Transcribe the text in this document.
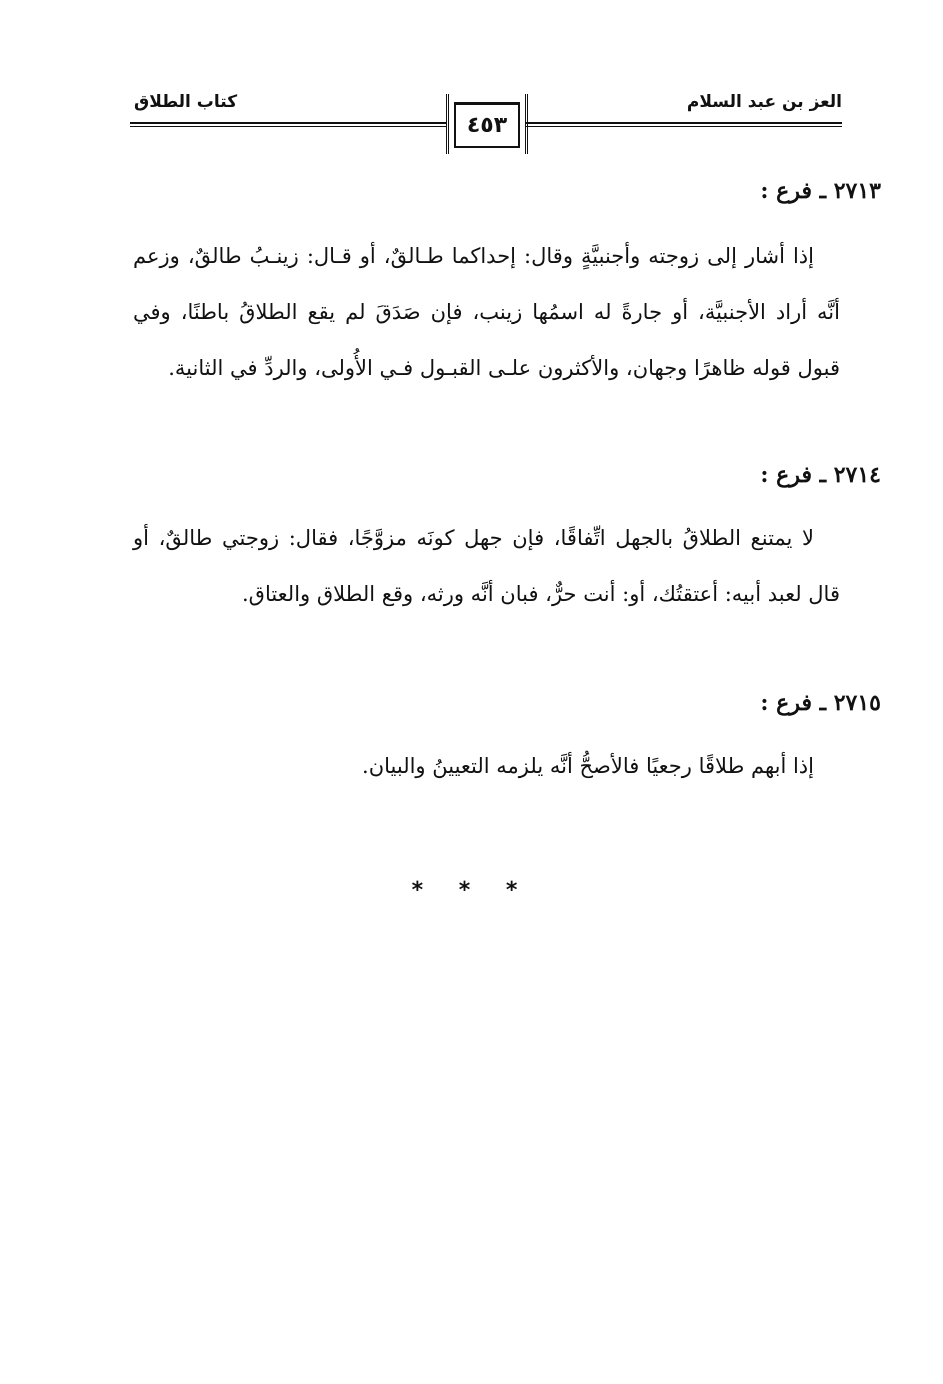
العز بن عبد السلام
كتاب الطلاق
٤٥٣
٢٧١٣ ـ فرع :

إذا أشار إلى زوجته وأجنبيَّةٍ وقال: إحداكما طـالقٌ، أو قـال: زينـبُ طالقٌ، وزعم أنَّه أراد الأجنبيَّة، أو جارةً له اسمُها زينب، فإن صَدَقَ لم يقع الطلاقُ باطنًا، وفي قبول قوله ظاهرًا وجهان، والأكثرون علـى القبـول فـي الأُولى، والردِّ في الثانية.

٢٧١٤ ـ فرع :

لا يمتنع الطلاقُ بالجهل اتِّفاقًا، فإن جهل كونَه مزوَّجًا، فقال: زوجتي طالقٌ، أو قال لعبد أبيه: أعتقتُك، أو: أنت حرٌّ، فبان أنَّه ورثه، وقع الطلاق والعتاق.

٢٧١٥ ـ فرع :

إذا أبهم طلاقًا رجعيًا فالأصحُّ أنَّه يلزمه التعيينُ والبيان.

* * *
